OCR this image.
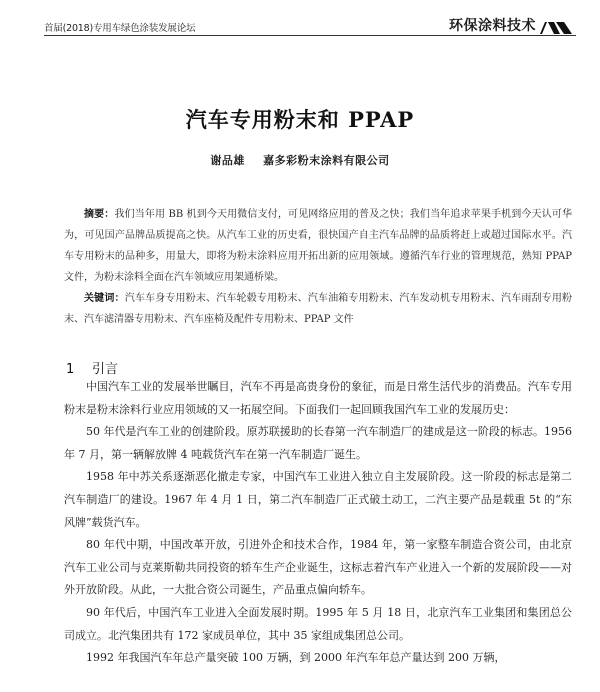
首届(2018)专用车绿色涂装发展论坛	环保涂料技术
汽车专用粉末和 PPAP
谢品雄 嘉多彩粉末涂料有限公司

摘要：我们当年用 BB 机到今天用微信支付，可见网络应用的普及之快；我们当年追求苹果手机到今天认可华为，可见国产品牌品质提高之快。从汽车工业的历史看，很快国产自主汽车品牌的品质将赶上或超过国际水平。汽车专用粉末的品种多，用量大，即将为粉末涂料应用开拓出新的应用领域。遵循汽车行业的管理规范，熟知 PPAP 文件，为粉末涂料全面在汽车领域应用架通桥梁。

关键词：汽车车身专用粉末、汽车轮毂专用粉末、汽车油箱专用粉末、汽车发动机专用粉末、汽车雨刮专用粉末、汽车滤清器专用粉末、汽车座椅及配件专用粉末、PPAP 文件

1 引言

中国汽车工业的发展举世瞩目，汽车不再是高贵身份的象征，而是日常生活代步的消费品。汽车专用粉末是粉末涂料行业应用领域的又一拓展空间。下面我们一起回顾我国汽车工业的发展历史：

50 年代是汽车工业的创建阶段。原苏联援助的长春第一汽车制造厂的建成是这一阶段的标志。1956 年 7 月，第一辆解放牌 4 吨载货汽车在第一汽车制造厂诞生。

1958 年中苏关系逐渐恶化撤走专家，中国汽车工业进入独立自主发展阶段。这一阶段的标志是第二汽车制造厂的建设。1967 年 4 月 1 日，第二汽车制造厂正式破土动工，二汽主要产品是载重 5t 的“东风牌”载货汽车。

80 年代中期，中国改革开放，引进外企和技术合作，1984 年，第一家整车制造合资公司，由北京汽车工业公司与克莱斯勒共同投资的轿车生产企业诞生，这标志着汽车产业进入一个新的发展阶段——对外开放阶段。从此，一大批合资公司诞生，产品重点偏向轿车。

90 年代后，中国汽车工业进入全面发展时期。1995 年 5 月 18 日，北京汽车工业集团和集团总公司成立。北汽集团共有 172 家成员单位，其中 35 家组成集团总公司。

1992 年我国汽车年总产量突破 100 万辆，到 2000 年汽车年总产量达到 200 万辆，
